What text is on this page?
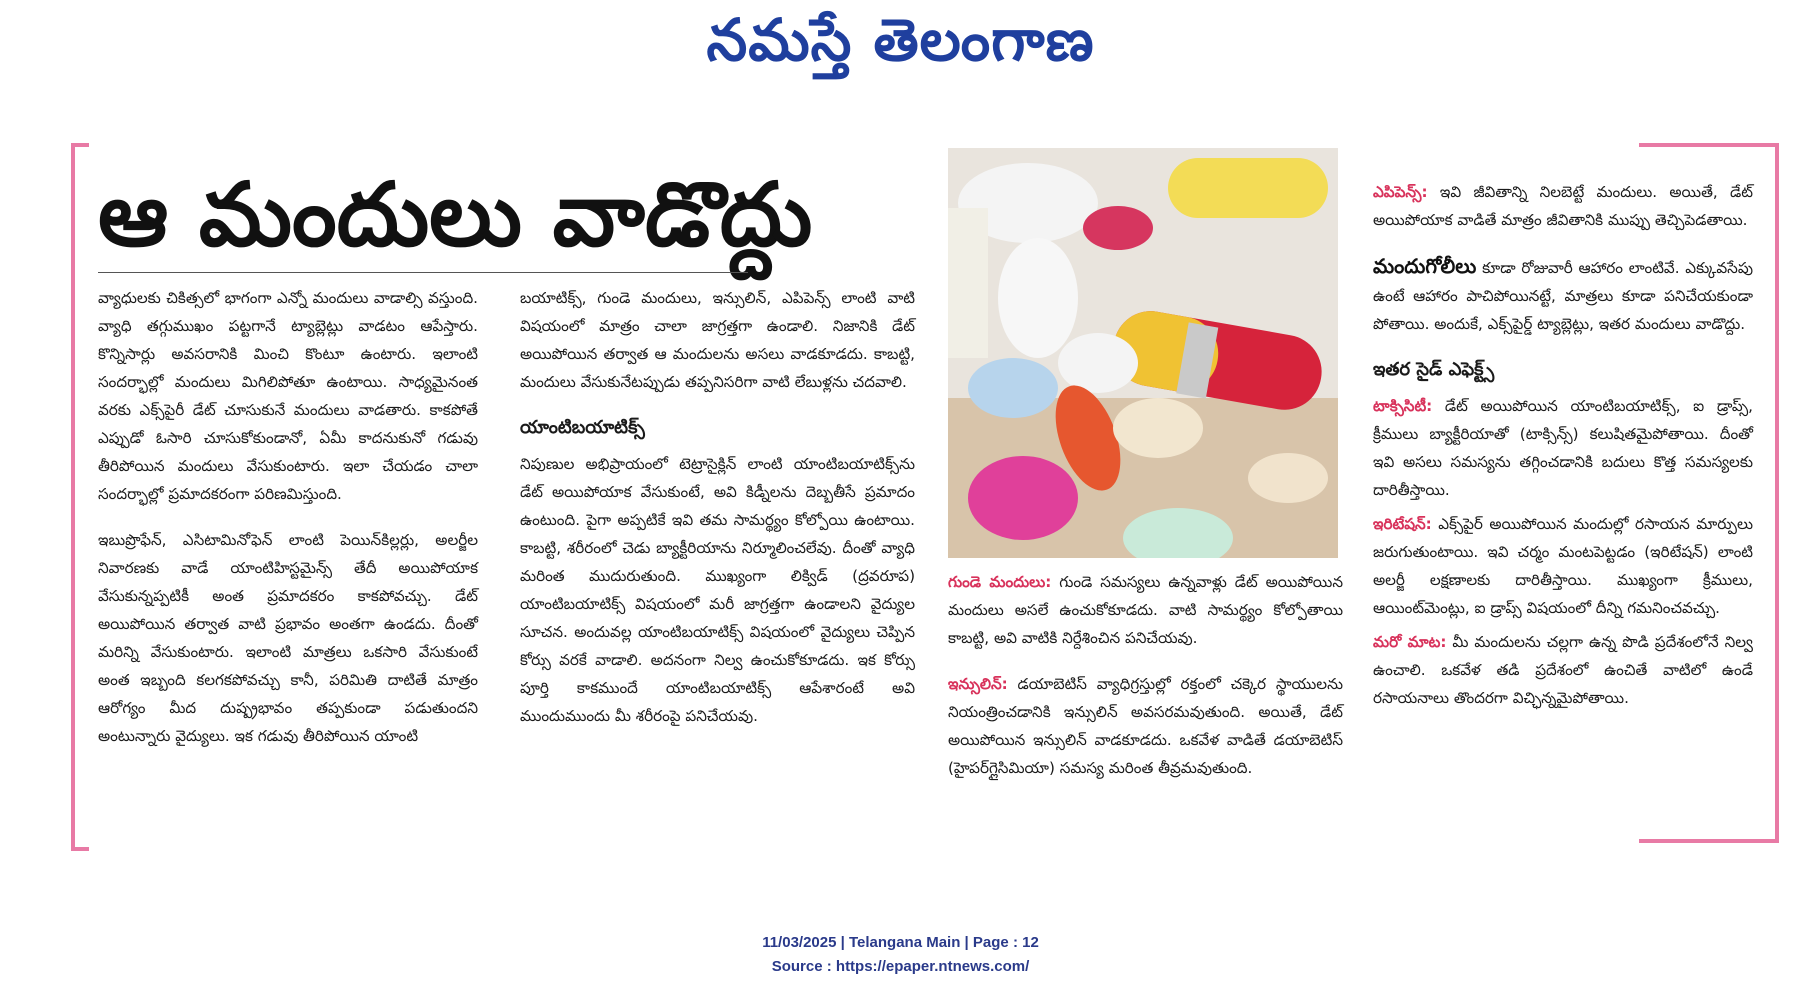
నమస్తే తెలంగాణ
ఆ మందులు వాడొద్దు

వ్యాధులకు చికిత్సలో భాగంగా ఎన్నో మందులు వాడాల్సి వస్తుంది. వ్యాధి తగ్గుముఖం పట్టగానే ట్యాబ్లెట్లు వాడటం ఆపేస్తారు. కొన్నిసార్లు అవసరానికి మించి కొంటూ ఉంటారు. ఇలాంటి సందర్భాల్లో మందులు మిగిలిపోతూ ఉంటాయి. సాధ్యమైనంత వరకు ఎక్స్‌పైరీ డేట్ చూసుకునే మందులు వాడతారు. కాకపోతే ఎప్పుడో ఓసారి చూసుకోకుండానో, ఏమీ కాదనుకునో గడువు తీరిపోయిన మందులు వేసుకుంటారు. ఇలా చేయడం చాలా సందర్భాల్లో ప్రమాదకరంగా పరిణమిస్తుంది.

ఇబుప్రొఫేన్, ఎసిటామినోఫెన్ లాంటి పెయిన్‌కిల్లర్లు, అలర్జీల నివారణకు వాడే యాంటిహిస్టమైన్స్ తేదీ అయిపోయాక వేసుకున్నప్పటికీ అంత ప్రమాదకరం కాకపోవచ్చు. డేట్ అయిపోయిన తర్వాత వాటి ప్రభావం అంతగా ఉండదు. దీంతో మరిన్ని వేసుకుంటారు. ఇలాంటి మాత్రలు ఒకసారి వేసుకుంటే అంత ఇబ్బంది కలగకపోవచ్చు కానీ, పరిమితి దాటితే మాత్రం ఆరోగ్యం మీద దుష్ప్రభావం తప్పకుండా పడుతుందని అంటున్నారు వైద్యులు. ఇక గడువు తీరిపోయిన యాంటి

బయాటిక్స్, గుండె మందులు, ఇన్సులిన్, ఎపిపెన్స్ లాంటి వాటి విషయంలో మాత్రం చాలా జాగ్రత్తగా ఉండాలి. నిజానికి డేట్ అయిపోయిన తర్వాత ఆ మందులను అసలు వాడకూడదు. కాబట్టి, మందులు వేసుకునేటప్పుడు తప్పనిసరిగా వాటి లేబుళ్లను చదవాలి.

యాంటిబయాటిక్స్

నిపుణుల అభిప్రాయంలో టెట్రాసైక్లిన్ లాంటి యాంటిబయాటిక్స్‌ను డేట్ అయిపోయాక వేసుకుంటే, అవి కిడ్నీలను దెబ్బతీసే ప్రమాదం ఉంటుంది. పైగా అప్పటికే ఇవి తమ సామర్థ్యం కోల్పోయి ఉంటాయి. కాబట్టి, శరీరంలో చెడు బ్యాక్టీరియాను నిర్మూలించలేవు. దీంతో వ్యాధి మరింత ముదురుతుంది. ముఖ్యంగా లిక్విడ్ (ద్రవరూప) యాంటిబయాటిక్స్ విషయంలో మరీ జాగ్రత్తగా ఉండాలని వైద్యుల సూచన. అందువల్ల యాంటిబయాటిక్స్ విషయంలో వైద్యులు చెప్పిన కోర్సు వరకే వాడాలి. అదనంగా నిల్వ ఉంచుకోకూడదు. ఇక కోర్సు పూర్తి కాకముందే యాంటిబయాటిక్స్ ఆపేశారంటే అవి ముందుముందు మీ శరీరంపై పనిచేయవు.

గుండె మందులు: గుండె సమస్యలు ఉన్నవాళ్లు డేట్ అయిపోయిన మందులు అసలే ఉంచుకోకూడదు. వాటి సామర్థ్యం కోల్పోతాయి కాబట్టి, అవి వాటికి నిర్దేశించిన పనిచేయవు.

ఇన్సులిన్: డయాబెటిస్ వ్యాధిగ్రస్తుల్లో రక్తంలో చక్కెర స్థాయులను నియంత్రించడానికి ఇన్సులిన్ అవసరమవుతుంది. అయితే, డేట్ అయిపోయిన ఇన్సులిన్ వాడకూడదు. ఒకవేళ వాడితే డయాబెటిస్ (హైపర్‌గ్లైసిమియా) సమస్య మరింత తీవ్రమవుతుంది.

ఎపిపెన్స్: ఇవి జీవితాన్ని నిలబెట్టే మందులు. అయితే, డేట్ అయిపోయాక వాడితే మాత్రం జీవితానికి ముప్పు తెచ్చిపెడతాయి.

మందుగోలీలు కూడా రోజువారీ ఆహారం లాంటివే. ఎక్కువసేపు ఉంటే ఆహారం పాచిపోయినట్టే, మాత్రలు కూడా పనిచేయకుండా పోతాయి. అందుకే, ఎక్స్‌పైర్డ్ ట్యాబ్లెట్లు, ఇతర మందులు వాడొద్దు.

ఇతర సైడ్ ఎఫెక్ట్స్

టాక్సిసిటీ: డేట్ అయిపోయిన యాంటిబయాటిక్స్, ఐ డ్రాప్స్, క్రీములు బ్యాక్టీరియాతో (టాక్సిన్స్) కలుషితమైపోతాయి. దీంతో ఇవి అసలు సమస్యను తగ్గించడానికి బదులు కొత్త సమస్యలకు దారితీస్తాయి.

ఇరిటేషన్: ఎక్స్‌పైర్ అయిపోయిన మందుల్లో రసాయన మార్పులు జరుగుతుంటాయి. ఇవి చర్మం మంటపెట్టడం (ఇరిటేషన్) లాంటి అలర్జీ లక్షణాలకు దారితీస్తాయి. ముఖ్యంగా క్రీములు, ఆయింట్‌మెంట్లు, ఐ డ్రాప్స్ విషయంలో దీన్ని గమనించవచ్చు.

మరో మాట: మీ మందులను చల్లగా ఉన్న పొడి ప్రదేశంలోనే నిల్వ ఉంచాలి. ఒకవేళ తడి ప్రదేశంలో ఉంచితే వాటిలో ఉండే రసాయనాలు తొందరగా విచ్ఛిన్నమైపోతాయి.

11/03/2025 | Telangana Main | Page : 12
Source : https://epaper.ntnews.com/
